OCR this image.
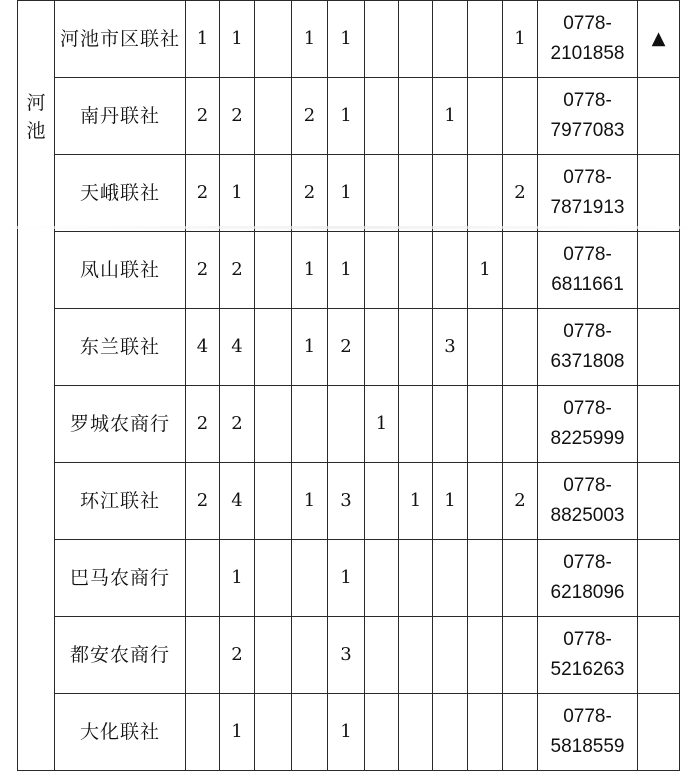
河池	河池市区联社	1	1		1	1					1	0778-
2101858	▲
	南丹联社	2	2		2	1			1			0778-
7977083	

	天峨联社	2	1		2	1					2	0778-
7871913	

	凤山联社	2	2		1	1				1		0778-
6811661	

	东兰联社	4	4		1	2			3			0778-
6371808	

	罗城农商行	2	2				1					0778-
8225999	

	环江联社	2	4		1	3		1	1		2	0778-
8825003	

	巴马农商行		1			1						0778-
6218096	

	都安农商行		2			3						0778-
5216263	

	大化联社		1			1						0778-
5818559	
